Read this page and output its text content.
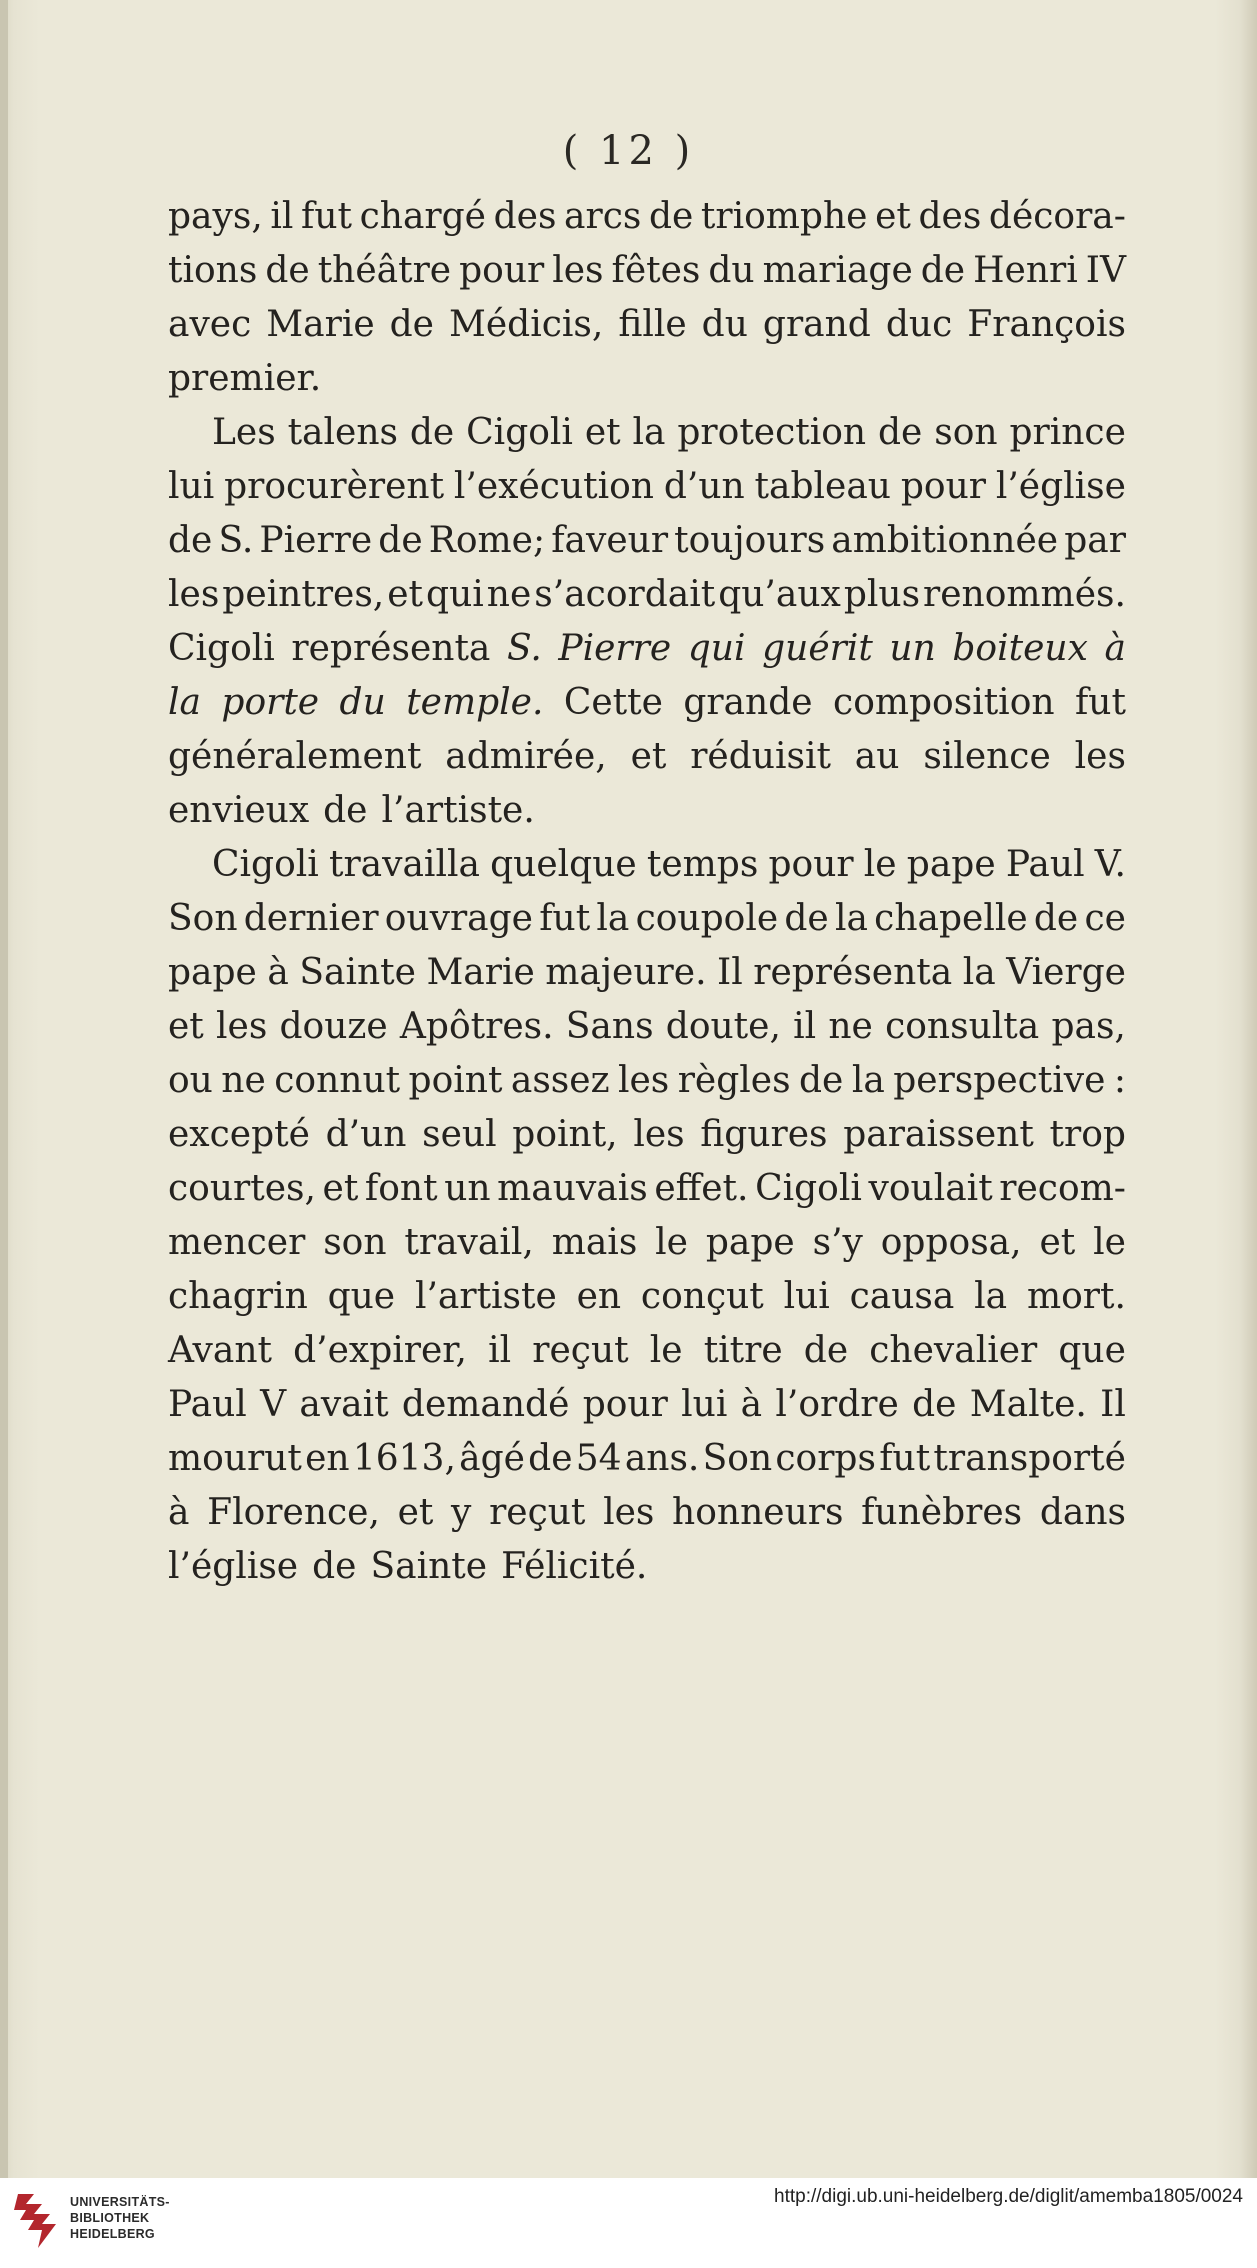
( 12 )
pays, il fut chargé des arcs de triomphe et des décora-
tions de théâtre pour les fêtes du mariage de Henri IV
avec Marie de Médicis, fille du grand duc François
premier.
Les talens de Cigoli et la protection de son prince
lui procurèrent l’exécution d’un tableau pour l’église
de S. Pierre de Rome; faveur toujours ambitionnée par
les peintres, et qui ne s’acordait qu’aux plus renommés.
Cigoli représenta S. Pierre qui guérit un boiteux à
la porte du temple. Cette grande composition fut
généralement admirée, et réduisit au silence les
envieux de l’artiste.
Cigoli travailla quelque temps pour le pape Paul V.
Son dernier ouvrage fut la coupole de la chapelle de ce
pape à Sainte Marie majeure. Il représenta la Vierge
et les douze Apôtres. Sans doute, il ne consulta pas,
ou ne connut point assez les règles de la perspective :
excepté d’un seul point, les figures paraissent trop
courtes, et font un mauvais effet. Cigoli voulait recom-
mencer son travail, mais le pape s’y opposa, et le
chagrin que l’artiste en conçut lui causa la mort.
Avant d’expirer, il reçut le titre de chevalier que
Paul V avait demandé pour lui à l’ordre de Malte. Il
mourut en 1613, âgé de 54 ans. Son corps fut transporté
à Florence, et y reçut les honneurs funèbres dans
l’église de Sainte Félicité.
UNIVERSITÄTS-
BIBLIOTHEK
HEIDELBERG
http://digi.ub.uni-heidelberg.de/diglit/amemba1805/0024
